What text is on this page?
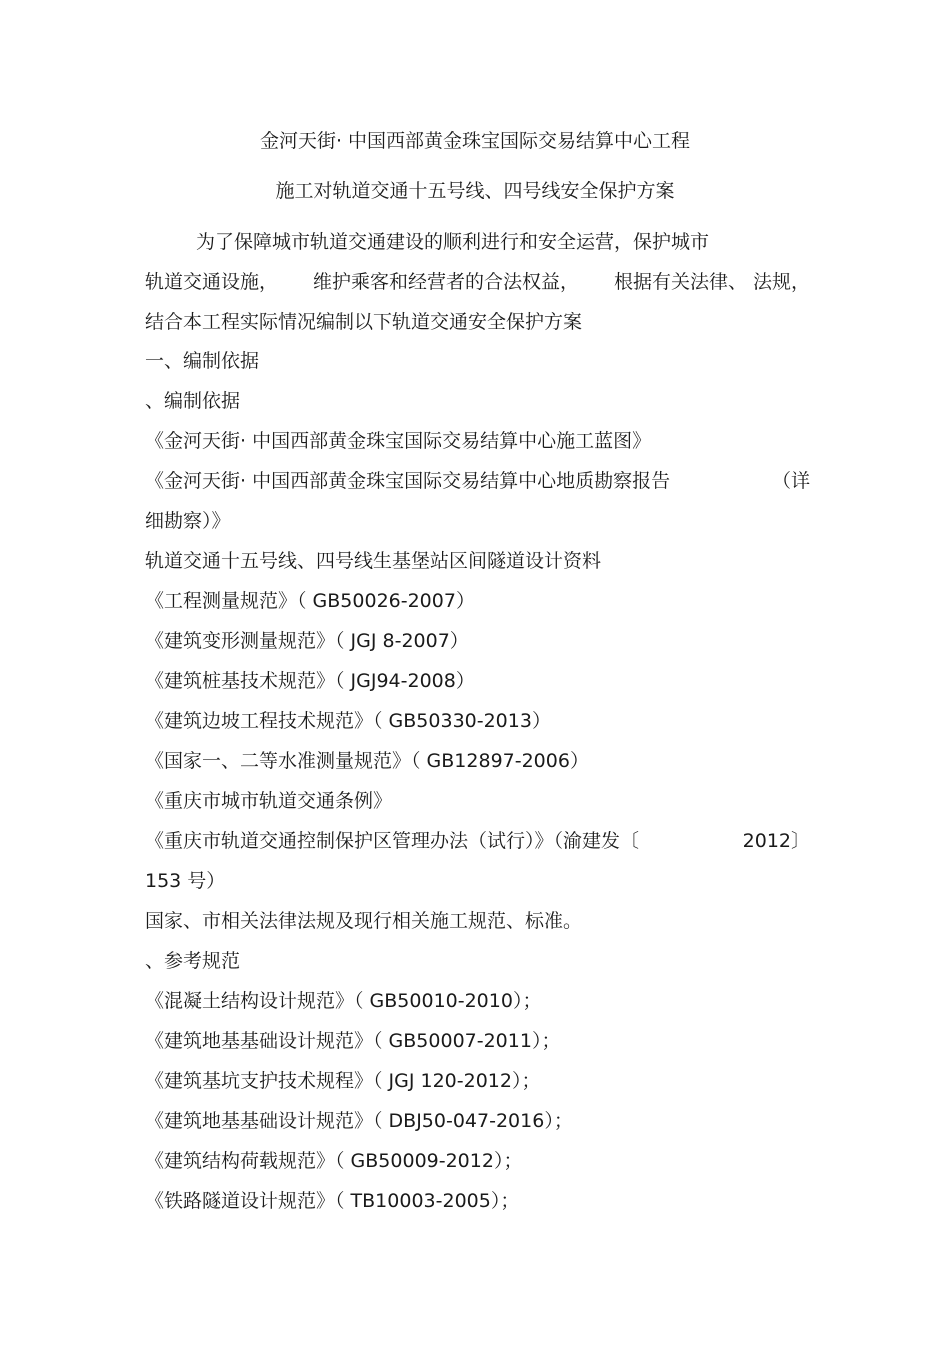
金河天街· 中国西部黄金珠宝国际交易结算中心工程
施工对轨道交通十五号线、四号线安全保护方案
为了保障城市轨道交通建设的顺利进行和安全运营，保护城市
轨道交通设施， 维护乘客和经营者的合法权益， 根据有关法律、 法规，
结合本工程实际情况编制以下轨道交通安全保护方案
一、编制依据
、编制依据
《金河天街· 中国西部黄金珠宝国际交易结算中心施工蓝图》
《金河天街· 中国西部黄金珠宝国际交易结算中心地质勘察报告	（详
细勘察）》
轨道交通十五号线、四号线生基堡站区间隧道设计资料
《工程测量规范》（ GB50026-2007）
《建筑变形测量规范》（ JGJ 8-2007）
《建筑桩基技术规范》（ JGJ94-2008）
《建筑边坡工程技术规范》（ GB50330-2013）
《国家一、二等水准测量规范》（ GB12897-2006）
《重庆市城市轨道交通条例》
《重庆市轨道交通控制保护区管理办法（试行）》（渝建发〔	2012〕
153 号）
国家、市相关法律法规及现行相关施工规范、标准。
、参考规范
《混凝土结构设计规范》（ GB50010-2010）；
《建筑地基基础设计规范》（ GB50007-2011）；
《建筑基坑支护技术规程》（ JGJ 120-2012）；
《建筑地基基础设计规范》（ DBJ50-047-2016）；
《建筑结构荷载规范》（ GB50009-2012）；
《铁路隧道设计规范》（ TB10003-2005）；
